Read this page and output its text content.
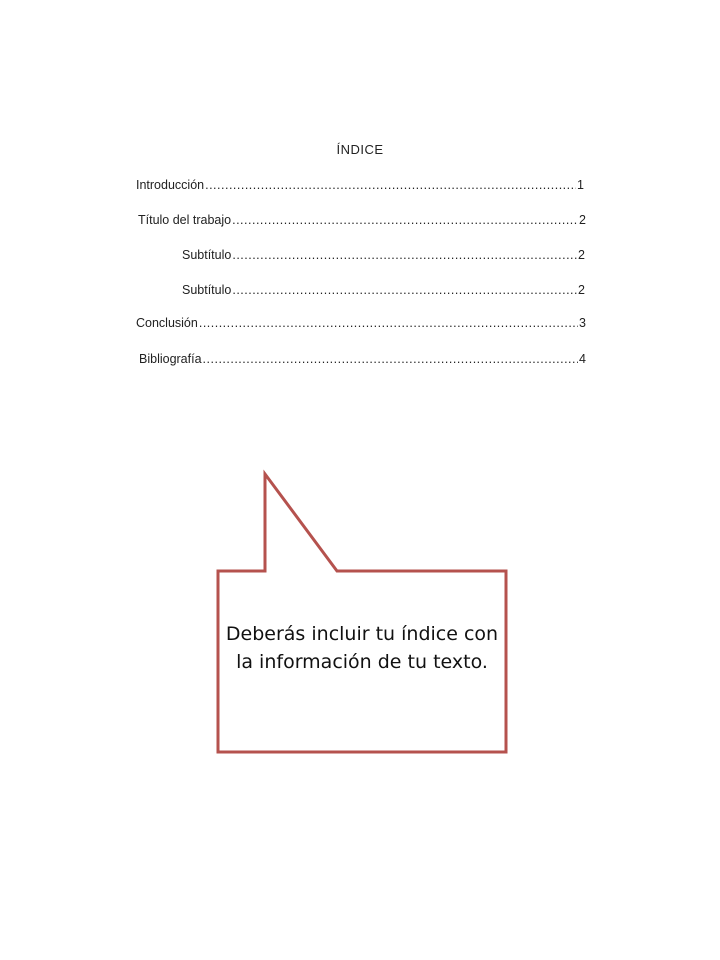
ÍNDICE
Introducción .....	1
Título del trabajo .....	2
Subtítulo .....	2
Subtítulo .....	2
Conclusión .....	3
Bibliografía .....	4
Deberás incluir tu índice con la información de tu texto.
